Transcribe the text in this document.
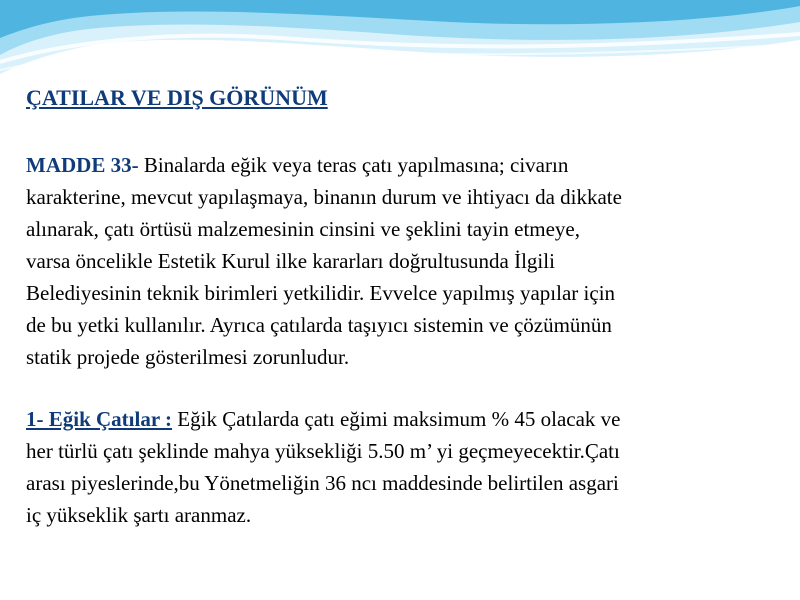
ÇATILAR VE DIŞ GÖRÜNÜM

MADDE 33- Binalarda eğik veya teras çatı yapılmasına; civarın
karakterine, mevcut yapılaşmaya, binanın durum ve ihtiyacı da dikkate
alınarak, çatı örtüsü malzemesinin cinsini ve şeklini tayin etmeye,
varsa öncelikle Estetik Kurul ilke kararları doğrultusunda İlgili
Belediyesinin teknik birimleri yetkilidir. Evvelce yapılmış yapılar için
de bu yetki kullanılır. Ayrıca çatılarda taşıyıcı sistemin ve çözümünün
statik projede gösterilmesi zorunludur.

1- Eğik Çatılar : Eğik Çatılarda çatı eğimi maksimum % 45 olacak ve
her türlü çatı şeklinde mahya yüksekliği 5.50 m’ yi geçmeyecektir.Çatı
arası piyeslerinde,bu Yönetmeliğin 36 ncı maddesinde belirtilen asgari
iç yükseklik şartı aranmaz.
